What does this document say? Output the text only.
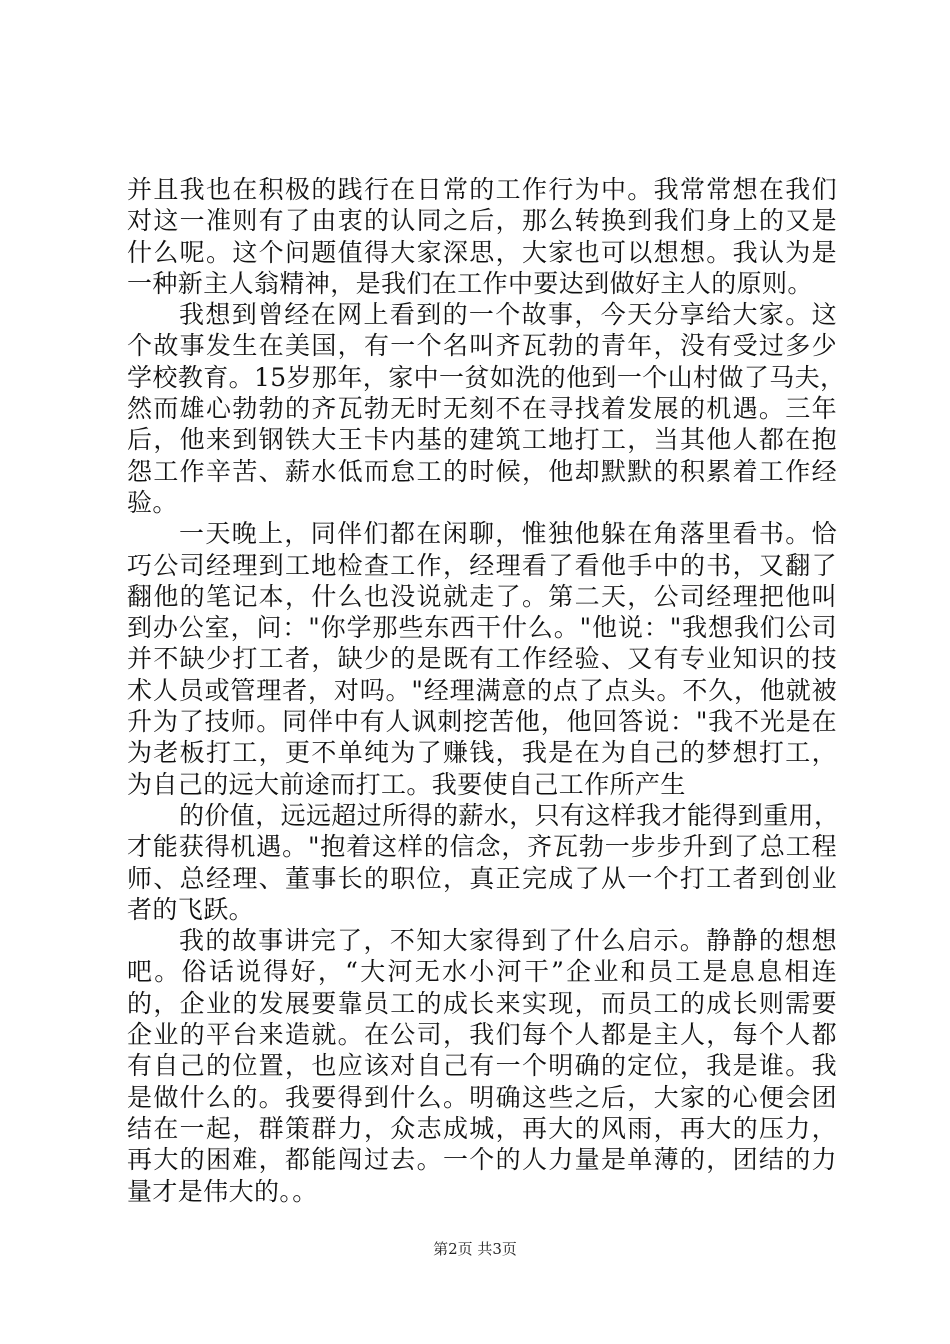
并且我也在积极的践行在日常的工作行为中。我常常想在我们
对这一准则有了由衷的认同之后，那么转换到我们身上的又是
什么呢。这个问题值得大家深思，大家也可以想想。我认为是
一种新主人翁精神，是我们在工作中要达到做好主人的原则。
我想到曾经在网上看到的一个故事，今天分享给大家。这
个故事发生在美国，有一个名叫齐瓦勃的青年，没有受过多少
学校教育。15岁那年，家中一贫如洗的他到一个山村做了马夫，
然而雄心勃勃的齐瓦勃无时无刻不在寻找着发展的机遇。三年
后，他来到钢铁大王卡内基的建筑工地打工，当其他人都在抱
怨工作辛苦、薪水低而怠工的时候，他却默默的积累着工作经
验。
一天晚上，同伴们都在闲聊，惟独他躲在角落里看书。恰
巧公司经理到工地检查工作，经理看了看他手中的书，又翻了
翻他的笔记本，什么也没说就走了。第二天，公司经理把他叫
到办公室，问："你学那些东西干什么。"他说："我想我们公司
并不缺少打工者，缺少的是既有工作经验、又有专业知识的技
术人员或管理者，对吗。"经理满意的点了点头。不久，他就被
升为了技师。同伴中有人讽刺挖苦他，他回答说："我不光是在
为老板打工，更不单纯为了赚钱，我是在为自己的梦想打工，
为自己的远大前途而打工。我要使自己工作所产生
的价值，远远超过所得的薪水，只有这样我才能得到重用，
才能获得机遇。"抱着这样的信念，齐瓦勃一步步升到了总工程
师、总经理、董事长的职位，真正完成了从一个打工者到创业
者的飞跃。
我的故事讲完了，不知大家得到了什么启示。静静的想想
吧。俗话说得好，“大河无水小河干”企业和员工是息息相连
的，企业的发展要靠员工的成长来实现，而员工的成长则需要
企业的平台来造就。在公司，我们每个人都是主人，每个人都
有自己的位置，也应该对自己有一个明确的定位，我是谁。我
是做什么的。我要得到什么。明确这些之后，大家的心便会团
结在一起，群策群力，众志成城，再大的风雨，再大的压力，
再大的困难，都能闯过去。一个的人力量是单薄的，团结的力
量才是伟大的。。
第2页 共3页
